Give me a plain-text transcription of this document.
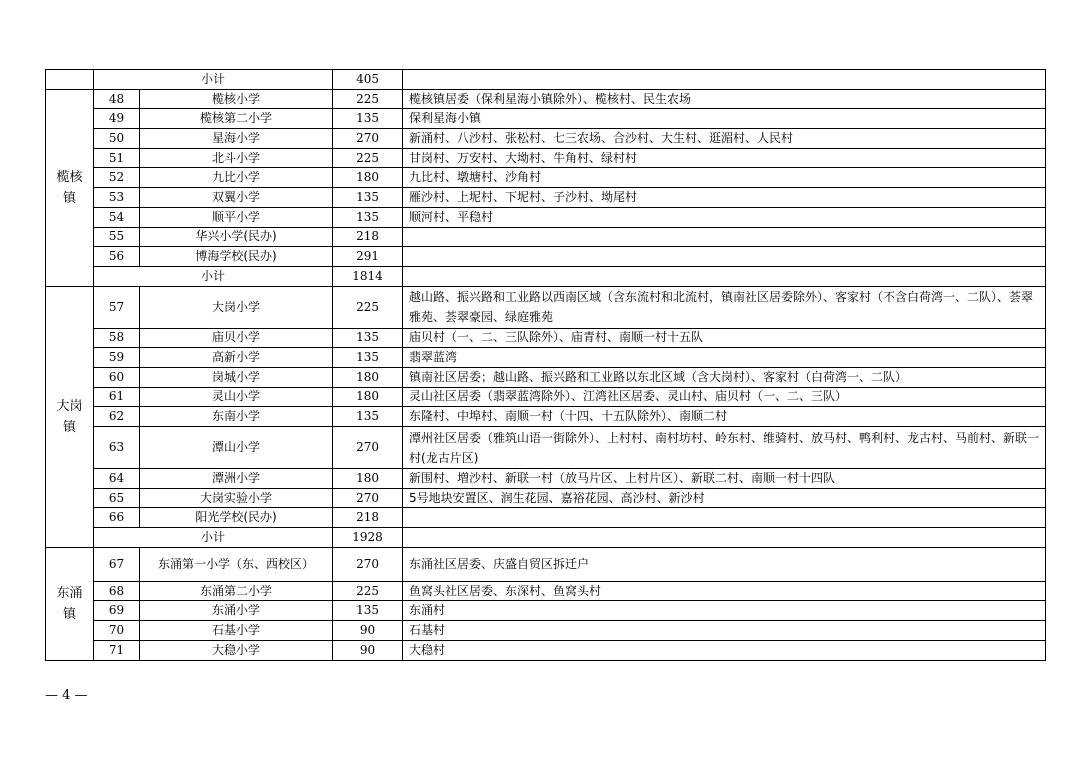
	小计		405	
榄核
镇	48	榄核小学	225	榄核镇居委（保利星海小镇除外）、榄核村、民生农场
	49	榄核第二小学	135	保利星海小镇
	50	星海小学	270	新涌村、八沙村、张松村、七三农场、合沙村、大生村、逛湄村、人民村
	51	北斗小学	225	甘岗村、万安村、大坳村、牛角村、绿村村
	52	九比小学	180	九比村、墩塘村、沙角村
	53	双翼小学	135	雁沙村、上坭村、下坭村、子沙村、坳尾村
	54	顺平小学	135	顺河村、平稳村
	55	华兴小学(民办)	218	
	56	博海学校(民办)	291	
	小计		1814	
大岗
镇	57	大岗小学	225	越山路、振兴路和工业路以西南区域（含东流村和北流村，镇南社区居委除外）、客家村（不含白荷湾一、二队）、荟翠雅苑、荟翠豪园、绿庭雅苑
	58	庙贝小学	135	庙贝村（一、二、三队除外）、庙青村、南顺一村十五队
	59	高新小学	135	翡翠蓝湾
	60	岗城小学	180	镇南社区居委；越山路、振兴路和工业路以东北区域（含大岗村）、客家村（白荷湾一、二队）
	61	灵山小学	180	灵山社区居委（翡翠蓝湾除外）、江湾社区居委、灵山村、庙贝村（一、二、三队）
	62	东南小学	135	东隆村、中埠村、南顺一村（十四、十五队除外）、南顺二村
	63	潭山小学	270	潭州社区居委（雅筑山语一街除外）、上村村、南村坊村、岭东村、维骑村、放马村、鸭利村、龙古村、马前村、新联一村(龙古片区)
	64	潭洲小学	180	新围村、増沙村、新联一村（放马片区、上村片区）、新联二村、南顺一村十四队
	65	大岗实验小学	270	5号地块安置区、润生花园、嘉裕花园、高沙村、新沙村
	66	阳光学校(民办)	218	
	小计		1928	
东涌
镇	67	东涌第一小学（东、西校区）	270	东涌社区居委、庆盛自贸区拆迁户
	68	东涌第二小学	225	鱼窝头社区居委、东深村、鱼窝头村
	69	东涌小学	135	东涌村
	70	石基小学	90	石基村
	71	大稳小学	90	大稳村
— 4 —
